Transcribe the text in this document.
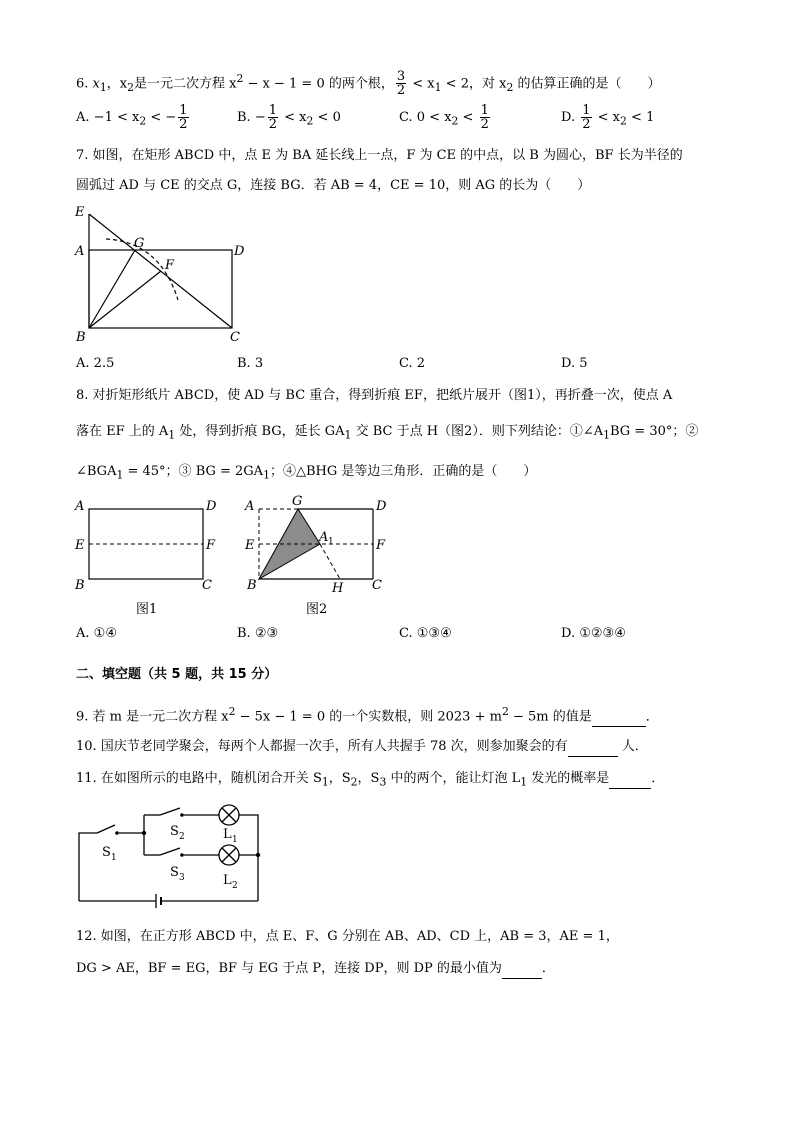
6. $x_1$，$x_2$是一元二次方程 $x^2 - x - 1 = 0$ 的两个根， $\frac{3}{2} < x_1 < 2$，对 $x_2$ 的估算正确的是（　　）
A. $-1 < x_2$ < − $\frac{1}{2}$	B. − $\frac{1}{2} < x_2 < 0$	C. $0 < x_2 < \frac{1}{2}$	D. $\frac{1}{2} < x_2 < 1$
7. 如图，在矩形 ABCD 中，点 E 为 BA 延长线上一点，F 为 CE 的中点，以 B 为圆心，BF 长为半径的
圆弧过 AD 与 CE 的交点 G，连接 BG．若 AB = 4，CE = 10，则 AG 的长为（　　）
E
A
G
D
F
B	C
A. 2.5	B. 3	C. 2	D. 5
8. 对折矩形纸片 ABCD，使 AD 与 BC 重合，得到折痕 EF，把纸片展开（图1），再折叠一次，使点 A
落在 EF 上的 $A_1$ 处，得到折痕 BG，延长 $GA_1$ 交 BC 于点 H（图2）．则下列结论：$①\angle A_1BG = 30^\circ$；②
$\angle BGA_1 = 45^\circ$；③ BG = $2GA_1$；④△BHG 是等边三角形．正确的是（　　）
A	D
E	F
B	C
图1
A	G	D
E
A 1	F
B	H C
图2
A. ①④	B. ②③	C. ①③④	D. ①②③④
二、填空题（共 5 题，共 15 分）
9. 若 m 是一元二次方程 $x^2 - 5x - 1 = 0$ 的一个实数根，则 $2023 + m^2 - 5m$ 的值是	．
10. 国庆节老同学聚会，每两个人都握一次手，所有人共握手 78 次，则参加聚会的有	人．
11. 在如图所示的电路中，随机闭合开关 $S_1$，$S_2$，$S_3$ 中的两个，能让灯泡 $L_1$ 发光的概率是	．
S 1
S 2
S 3
L 1
L 2
12. 如图，在正方形 ABCD 中，点 E、F、G 分别在 AB、AD、CD 上，AB = 3，AE = 1，
DG > AE，BF = EG，BF 与 EG 于点 P，连接 DP，则 DP 的最小值为	．
